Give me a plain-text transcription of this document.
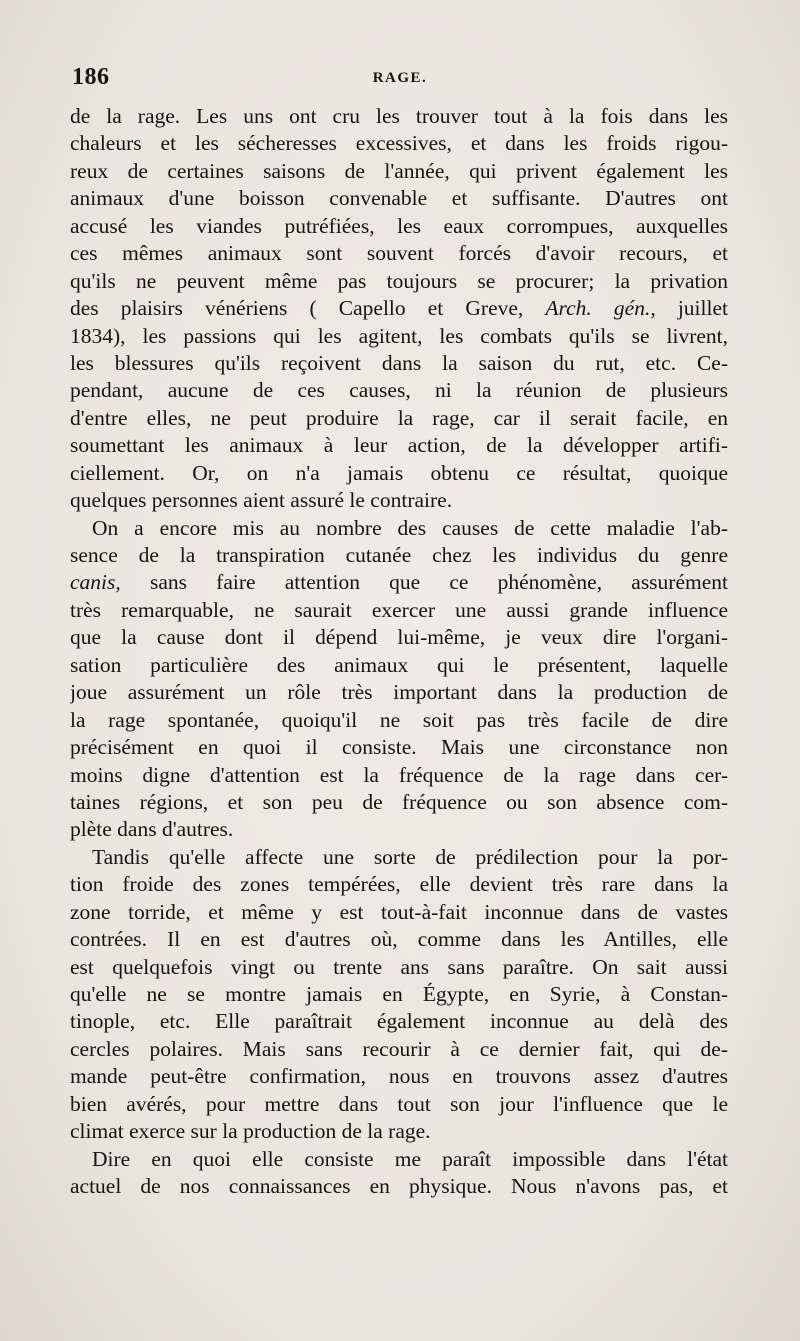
186	RAGE.
de la rage. Les uns ont cru les trouver tout à la fois dans les
chaleurs et les sécheresses excessives, et dans les froids rigou-
reux de certaines saisons de l'année, qui privent également les
animaux d'une boisson convenable et suffisante. D'autres ont
accusé les viandes putréfiées, les eaux corrompues, auxquelles
ces mêmes animaux sont souvent forcés d'avoir recours, et
qu'ils ne peuvent même pas toujours se procurer; la privation
des plaisirs vénériens ( Capello et Greve, Arch. gén., juillet
1834), les passions qui les agitent, les combats qu'ils se livrent,
les blessures qu'ils reçoivent dans la saison du rut, etc. Ce-
pendant, aucune de ces causes, ni la réunion de plusieurs
d'entre elles, ne peut produire la rage, car il serait facile, en
soumettant les animaux à leur action, de la développer artifi-
ciellement. Or, on n'a jamais obtenu ce résultat, quoique
quelques personnes aient assuré le contraire.
On a encore mis au nombre des causes de cette maladie l'ab-
sence de la transpiration cutanée chez les individus du genre
canis, sans faire attention que ce phénomène, assurément
très remarquable, ne saurait exercer une aussi grande influence
que la cause dont il dépend lui-même, je veux dire l'organi-
sation particulière des animaux qui le présentent, laquelle
joue assurément un rôle très important dans la production de
la rage spontanée, quoiqu'il ne soit pas très facile de dire
précisément en quoi il consiste. Mais une circonstance non
moins digne d'attention est la fréquence de la rage dans cer-
taines régions, et son peu de fréquence ou son absence com-
plète dans d'autres.
Tandis qu'elle affecte une sorte de prédilection pour la por-
tion froide des zones tempérées, elle devient très rare dans la
zone torride, et même y est tout-à-fait inconnue dans de vastes
contrées. Il en est d'autres où, comme dans les Antilles, elle
est quelquefois vingt ou trente ans sans paraître. On sait aussi
qu'elle ne se montre jamais en Égypte, en Syrie, à Constan-
tinople, etc. Elle paraîtrait également inconnue au delà des
cercles polaires. Mais sans recourir à ce dernier fait, qui de-
mande peut-être confirmation, nous en trouvons assez d'autres
bien avérés, pour mettre dans tout son jour l'influence que le
climat exerce sur la production de la rage.
Dire en quoi elle consiste me paraît impossible dans l'état
actuel de nos connaissances en physique. Nous n'avons pas, et
